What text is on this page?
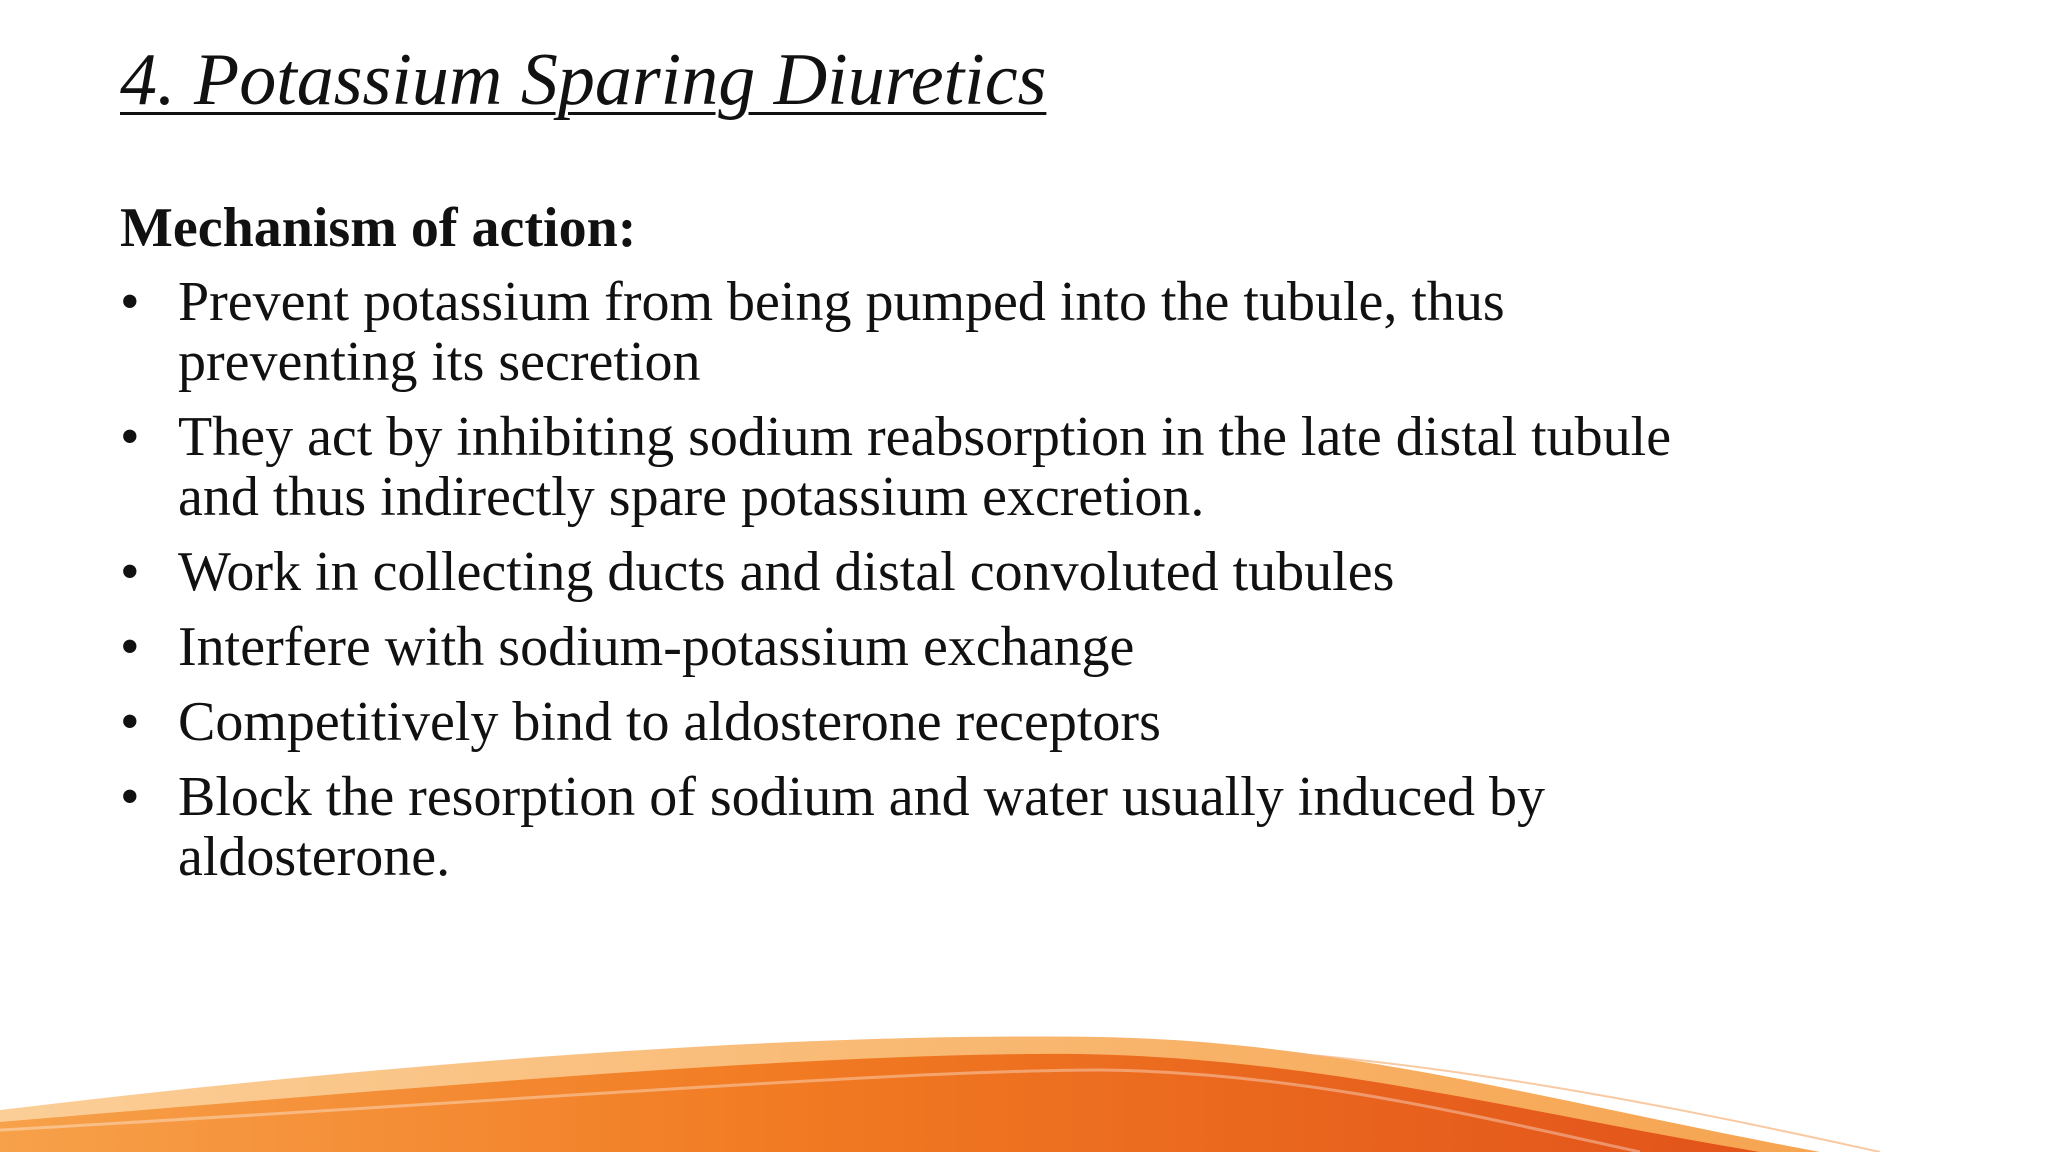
4. Potassium Sparing Diuretics
Mechanism of action:
• Prevent potassium from being pumped into the tubule, thus preventing its secretion
• They act by inhibiting sodium reabsorption in the late distal tubule and thus indirectly spare potassium excretion.
• Work in collecting ducts and distal convoluted tubules
• Interfere with sodium-potassium exchange
• Competitively bind to aldosterone receptors
• Block the resorption of sodium and water usually induced by aldosterone.
